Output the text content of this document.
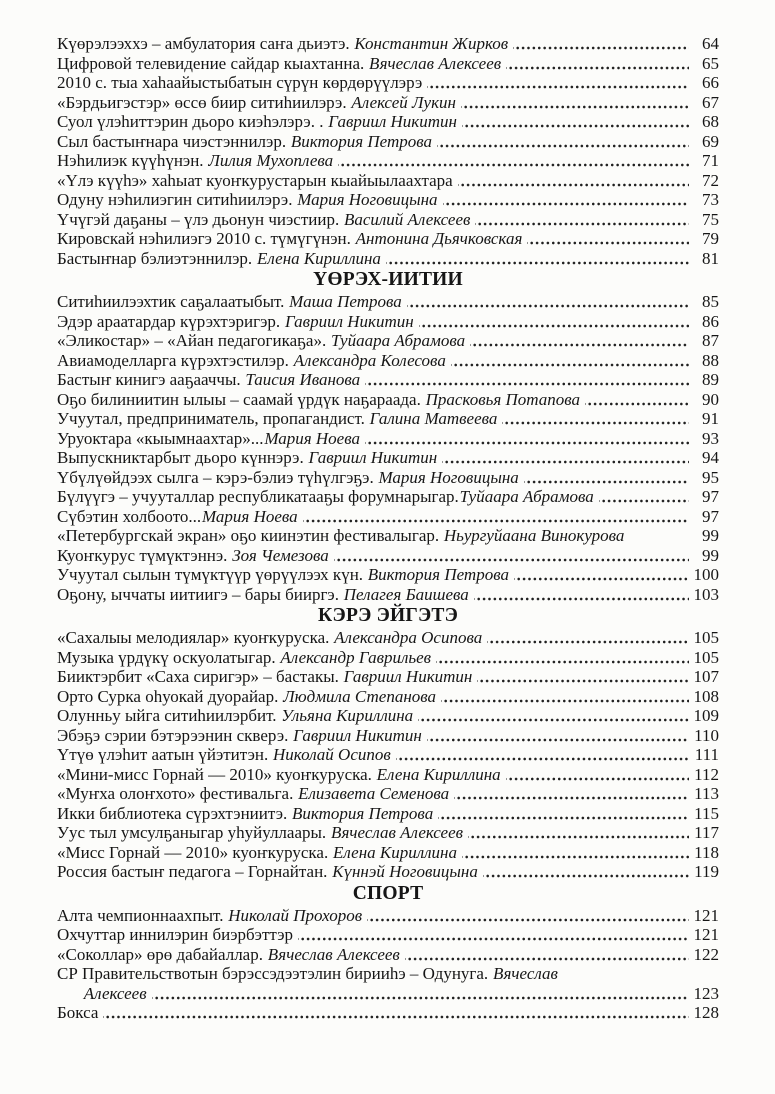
Күөрэлээххэ – амбулатория саҥа дьиэтэ. Константин Жирков	64
Цифровой телевидение сайдар кыахтанна. Вячеслав Алексеев	65
2010 с. тыа хаһаайыстыбатын сүрүн көрдөрүүлэрэ	66
«Бэрдьигэстэр» өссө биир ситиһиилэрэ. Алексей Лукин	67
Суол үлэһиттэрин дьоро киэһэлэрэ. . Гавриил Никитин	68
Сыл бастыҥнара чиэстэннилэр. Виктория Петрова	69
Нэһилиэк күүһүнэн. Лилия Мухоплева	71
«Үлэ күүһэ» хаһыат куоҥкурустарын кыайыылаахтара	72
Одуну нэһилиэгин ситиһиилэрэ. Мария Ноговицына	73
Үчүгэй даҕаны – үлэ дьонун чиэстиир. Василий Алексеев	75
Кировскай нэһилиэгэ 2010 с. түмүгүнэн. Антонина Дьячковская	79
Бастыҥнар бэлиэтэннилэр. Елена Кириллина	81
ҮӨРЭХ-ИИТИИ
Ситиһиилээхтик саҕалаатыбыт. Маша Петрова	85
Эдэр араатардар күрэхтэригэр. Гавриил Никитин	86
«Эликостар» – «Айан педагогикаҕа». Туйаара Абрамова	87
Авиамоделларга күрэхтэстилэр. Александра Колесова	88
Бастыҥ кинигэ ааҕааччы. Таисия Иванова	89
Оҕо билиниитин ылыы – саамай үрдүк наҕараада. Прасковья Потапова	90
Учуутал, предприниматель, пропагандист. Галина Матвеева	91
Уруоктара «кыымнаахтар»...Мария Ноева	93
Выпускниктарбыт дьоро күннэрэ. Гавриил Никитин	94
Үбүлүөйдээх сылга – кэрэ-бэлиэ түһүлгэҕэ. Мария Ноговицына	95
Бүлүүгэ – учууталлар республикатааҕы форумнарыгар.Туйаара Абрамова	97
Сүбэтин холбоото...Мария Ноева	97
«Петербургскай экран» оҕо киинэтин фестивалыгар. Ньургуйаана Винокурова	99
Куоҥкурус түмүктэннэ. Зоя Чемезова	99
Учуутал сылын түмүктүүр үөрүүлээх күн. Виктория Петрова	100
Оҕону, ыччаты иитиигэ – бары бииргэ. Пелагея Баишева	103
КЭРЭ ЭЙГЭТЭ
«Сахалыы мелодиялар» куоҥкуруска. Александра Осипова	105
Музыка үрдүкү оскуолатыгар. Александр Гаврильев	105
Бииктэрбит «Саха сиригэр» – бастакы. Гавриил Никитин	107
Орто Сурка оһуокай дуорайар. Людмила Степанова	108
Олунньу ыйга ситиһиилэрбит. Ульяна Кириллина	109
Эбэҕэ сэрии бэтэрээнин скверэ. Гавриил Никитин	110
Үтүө үлэһит аатын үйэтитэн. Николай Осипов	111
«Мини-мисс Горнай — 2010» куоҥкуруска. Елена Кириллина	112
«Муҥха олоҥхото» фестивальга. Елизавета Семенова	113
Икки библиотека сүрэхтэниитэ. Виктория Петрова	115
Уус тыл умсулҕаныгар уһуйуллаары. Вячеслав Алексеев	117
«Мисс Горнай — 2010» куоҥкуруска. Елена Кириллина	118
Россия бастыҥ педагога – Горнайтан. Күннэй Ноговицына	119
СПОРТ
Алта чемпионнаахпыт. Николай Прохоров	121
Охчуттар иннилэрин биэрбэттэр	121
«Соколлар» өрө дабайаллар. Вячеслав Алексеев	122
СР Правительствотын бэрэссэдээтэлин бирииһэ – Одунуга. Вячеслав
Алексеев	123
Бокса	128
